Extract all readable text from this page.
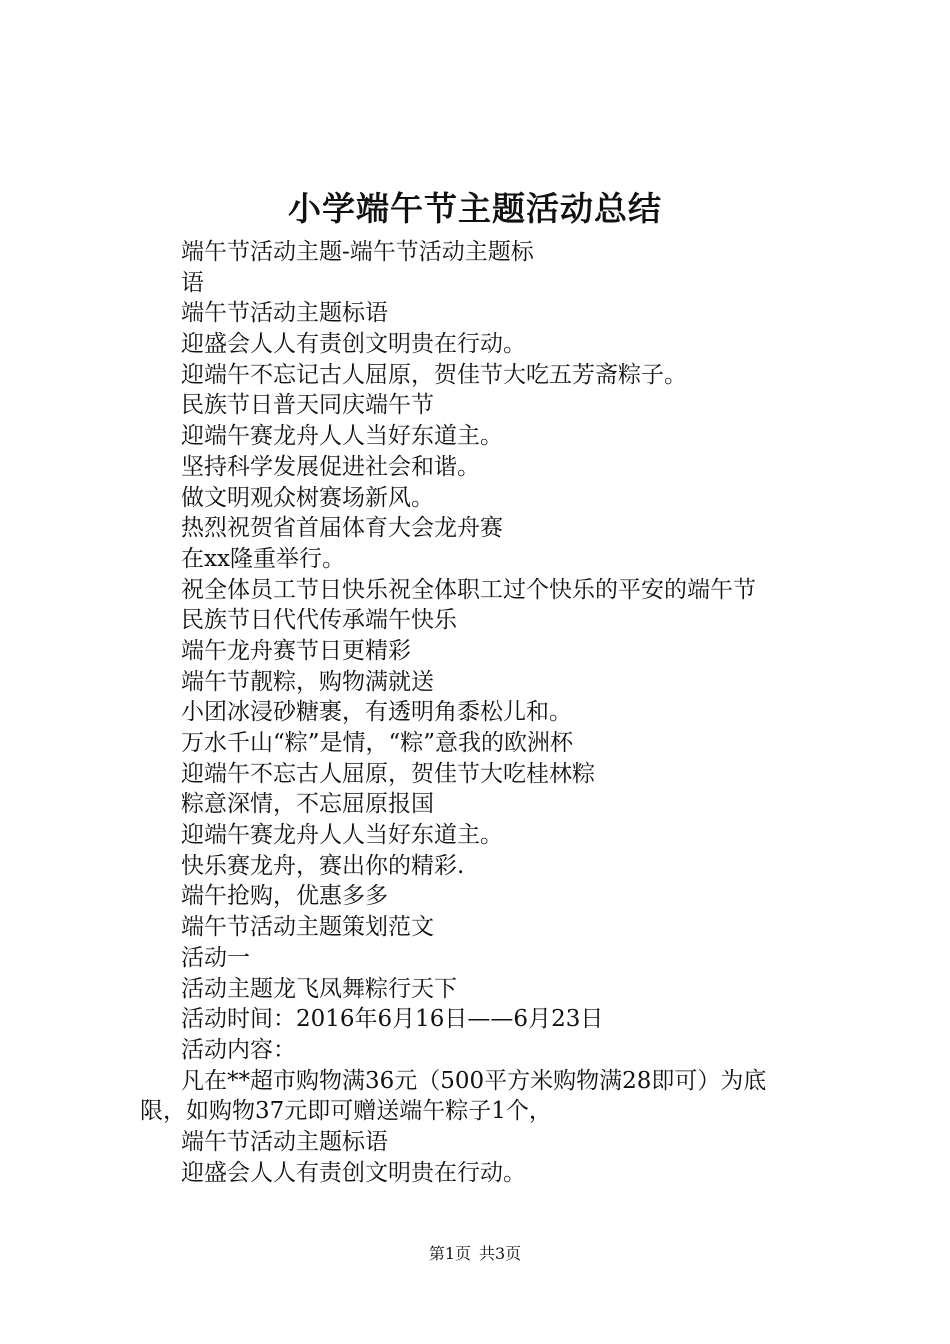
小学端午节主题活动总结
端午节活动主题-端午节活动主题标
语
端午节活动主题标语
迎盛会人人有责创文明贵在行动。
迎端午不忘记古人屈原，贺佳节大吃五芳斋粽子。
民族节日普天同庆端午节
迎端午赛龙舟人人当好东道主。
坚持科学发展促进社会和谐。
做文明观众树赛场新风。
热烈祝贺省首届体育大会龙舟赛
在xx隆重举行。
祝全体员工节日快乐祝全体职工过个快乐的平安的端午节
民族节日代代传承端午快乐
端午龙舟赛节日更精彩
端午节靓粽，购物满就送
小团冰浸砂糖裹，有透明角黍松儿和。
万水千山“粽”是情，“粽”意我的欧洲杯
迎端午不忘古人屈原，贺佳节大吃桂林粽
粽意深情，不忘屈原报国
迎端午赛龙舟人人当好东道主。
快乐赛龙舟，赛出你的精彩.
端午抢购，优惠多多
端午节活动主题策划范文
活动一
活动主题龙飞凤舞粽行天下
活动时间：2016年6月16日——6月23日
活动内容：
凡在**超市购物满36元（500平方米购物满28即可）为底
限，如购物37元即可赠送端午粽子1个，
端午节活动主题标语
迎盛会人人有责创文明贵在行动。
第1页 共3页
